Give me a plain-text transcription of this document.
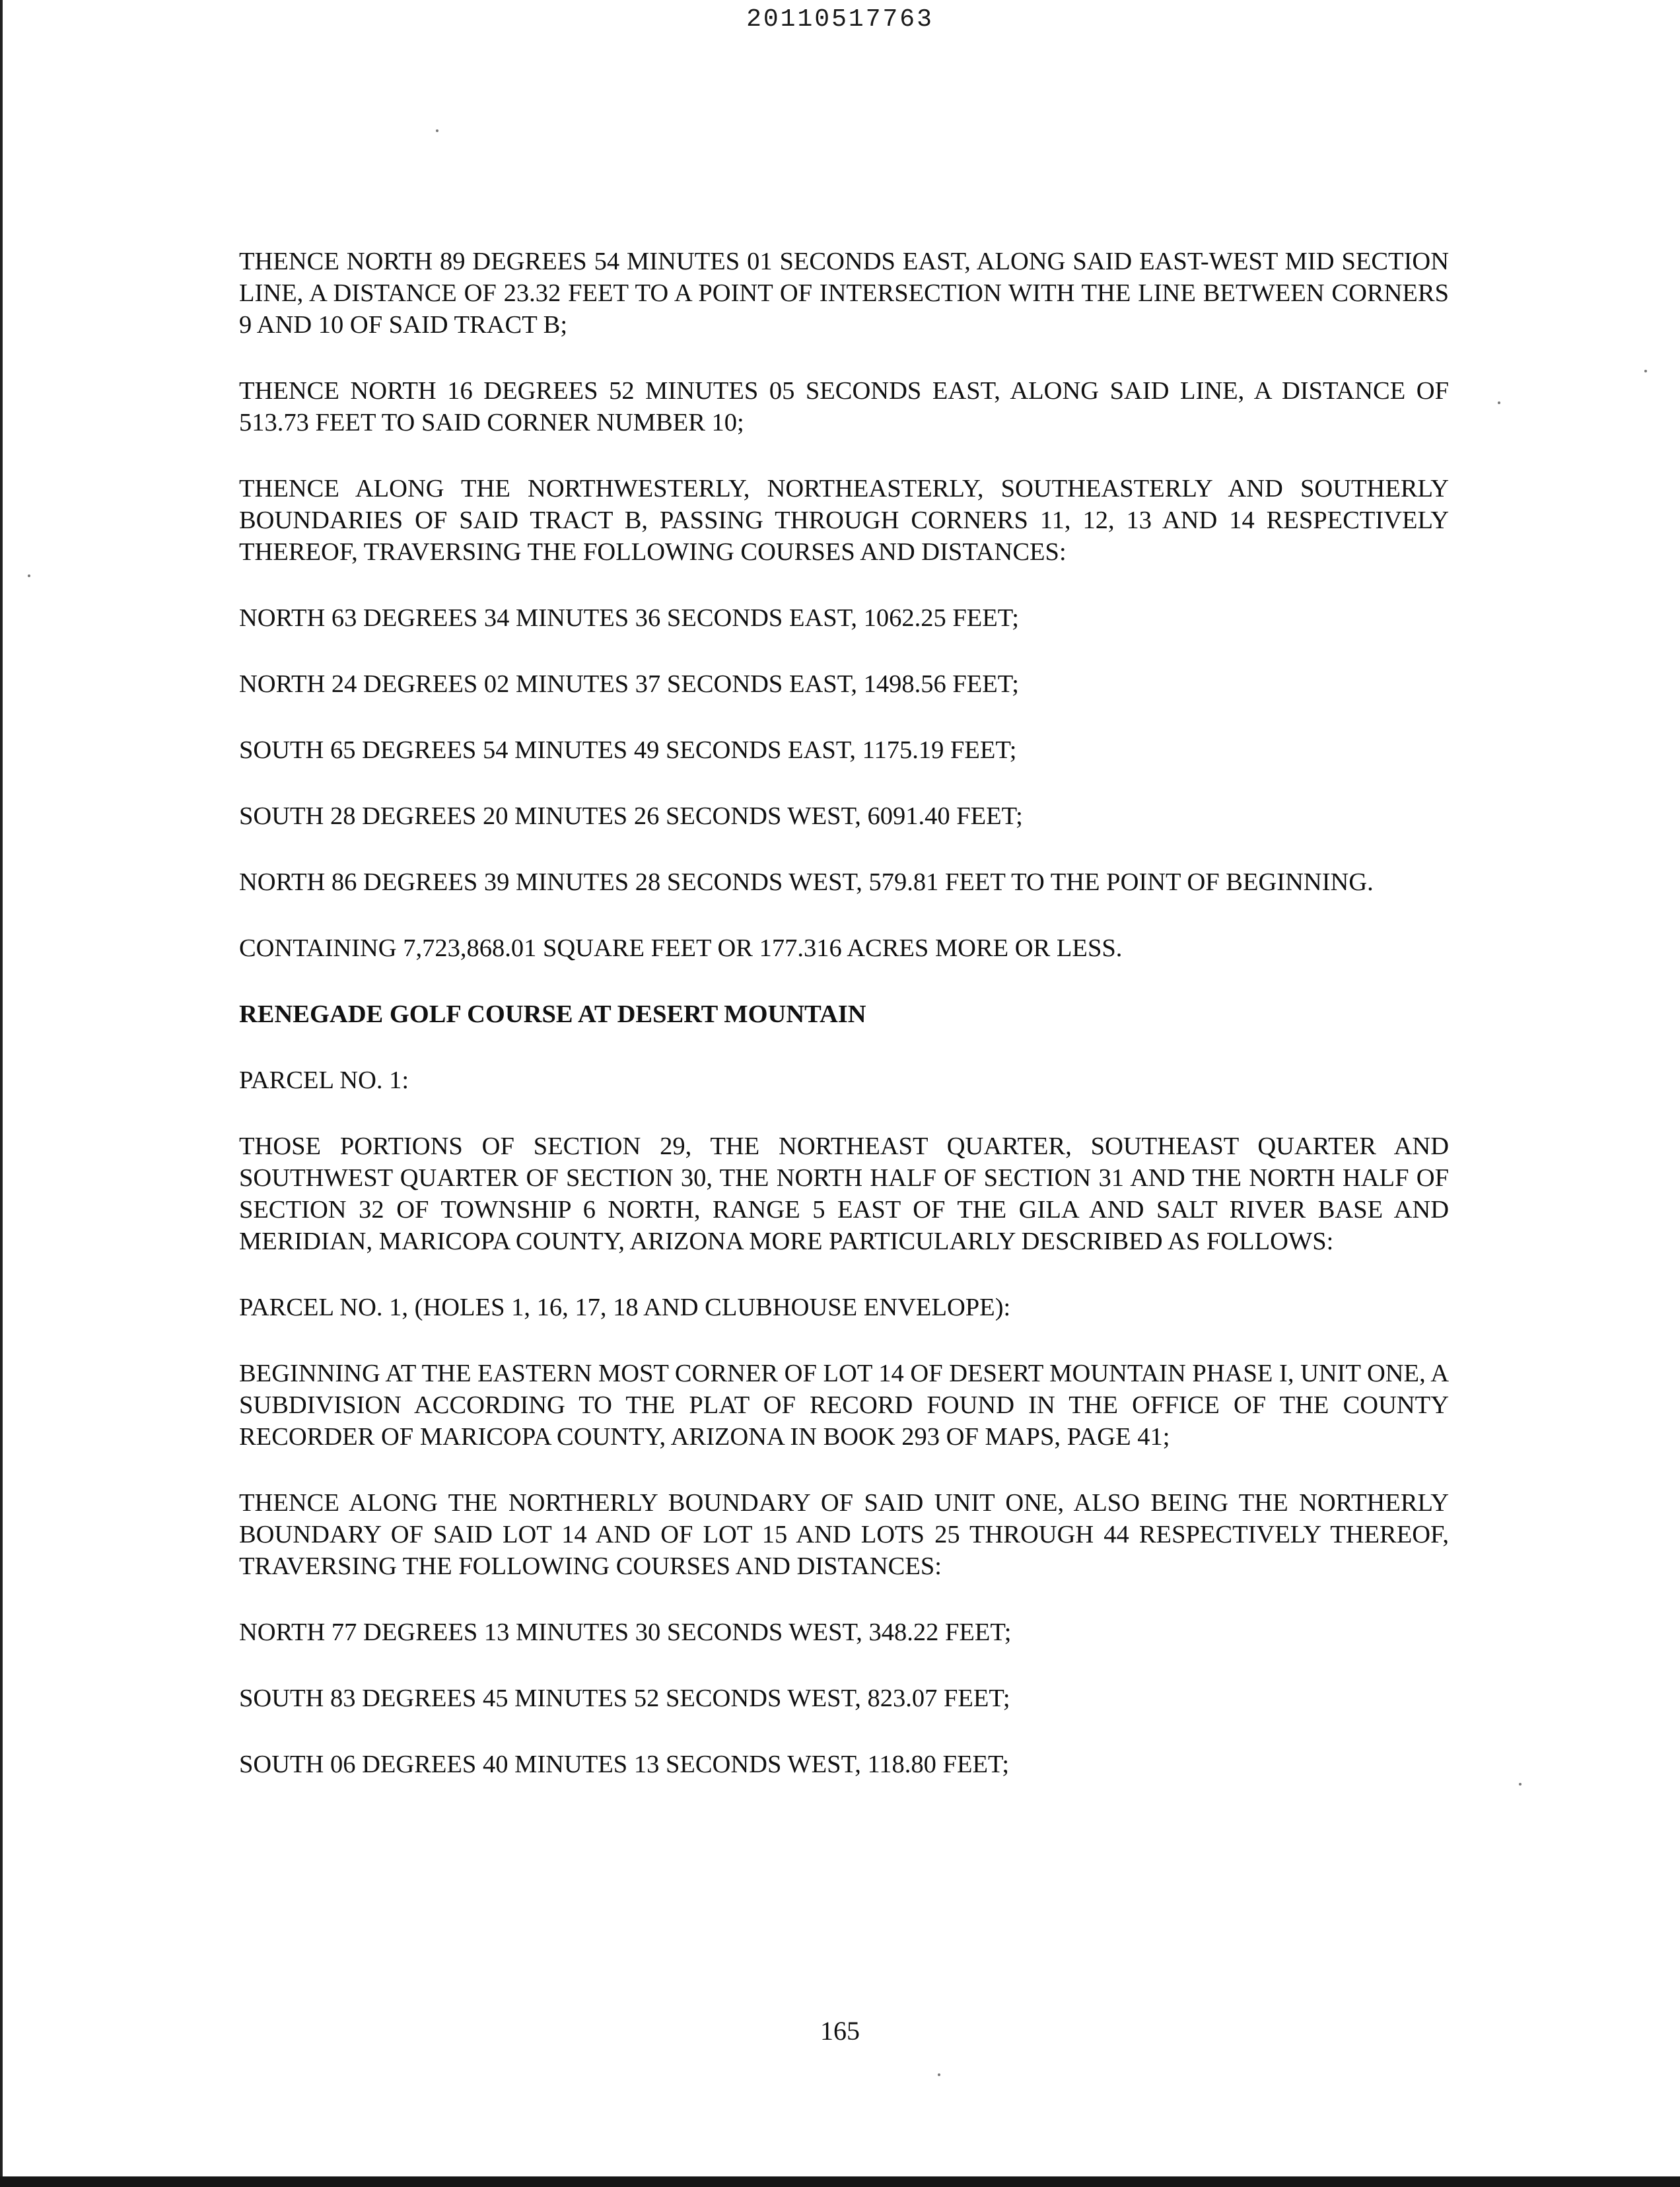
20110517763

THENCE NORTH 89 DEGREES 54 MINUTES 01 SECONDS EAST, ALONG SAID EAST-WEST MID SECTION LINE, A DISTANCE OF 23.32 FEET TO A POINT OF INTERSECTION WITH THE LINE BETWEEN CORNERS 9 AND 10 OF SAID TRACT B;

THENCE NORTH 16 DEGREES 52 MINUTES 05 SECONDS EAST, ALONG SAID LINE, A DISTANCE OF 513.73 FEET TO SAID CORNER NUMBER 10;

THENCE ALONG THE NORTHWESTERLY, NORTHEASTERLY, SOUTHEASTERLY AND SOUTHERLY BOUNDARIES OF SAID TRACT B, PASSING THROUGH CORNERS 11, 12, 13 AND 14 RESPECTIVELY THEREOF, TRAVERSING THE FOLLOWING COURSES AND DISTANCES:

NORTH 63 DEGREES 34 MINUTES 36 SECONDS EAST, 1062.25 FEET;

NORTH 24 DEGREES 02 MINUTES 37 SECONDS EAST, 1498.56 FEET;

SOUTH 65 DEGREES 54 MINUTES 49 SECONDS EAST, 1175.19 FEET;

SOUTH 28 DEGREES 20 MINUTES 26 SECONDS WEST, 6091.40 FEET;

NORTH 86 DEGREES 39 MINUTES 28 SECONDS WEST, 579.81 FEET TO THE POINT OF BEGINNING.

CONTAINING 7,723,868.01 SQUARE FEET OR 177.316 ACRES MORE OR LESS.

RENEGADE GOLF COURSE AT DESERT MOUNTAIN

PARCEL NO. 1:

THOSE PORTIONS OF SECTION 29, THE NORTHEAST QUARTER, SOUTHEAST QUARTER AND SOUTHWEST QUARTER OF SECTION 30, THE NORTH HALF OF SECTION 31 AND THE NORTH HALF OF SECTION 32 OF TOWNSHIP 6 NORTH, RANGE 5 EAST OF THE GILA AND SALT RIVER BASE AND MERIDIAN, MARICOPA COUNTY, ARIZONA MORE PARTICULARLY DESCRIBED AS FOLLOWS:

PARCEL NO. 1, (HOLES 1, 16, 17, 18 AND CLUBHOUSE ENVELOPE):

BEGINNING AT THE EASTERN MOST CORNER OF LOT 14 OF DESERT MOUNTAIN PHASE I, UNIT ONE, A SUBDIVISION ACCORDING TO THE PLAT OF RECORD FOUND IN THE OFFICE OF THE COUNTY RECORDER OF MARICOPA COUNTY, ARIZONA IN BOOK 293 OF MAPS, PAGE 41;

THENCE ALONG THE NORTHERLY BOUNDARY OF SAID UNIT ONE, ALSO BEING THE NORTHERLY BOUNDARY OF SAID LOT 14 AND OF LOT 15 AND LOTS 25 THROUGH 44 RESPECTIVELY THEREOF, TRAVERSING THE FOLLOWING COURSES AND DISTANCES:

NORTH 77 DEGREES 13 MINUTES 30 SECONDS WEST, 348.22 FEET;

SOUTH 83 DEGREES 45 MINUTES 52 SECONDS WEST, 823.07 FEET;

SOUTH 06 DEGREES 40 MINUTES 13 SECONDS WEST, 118.80 FEET;

165
